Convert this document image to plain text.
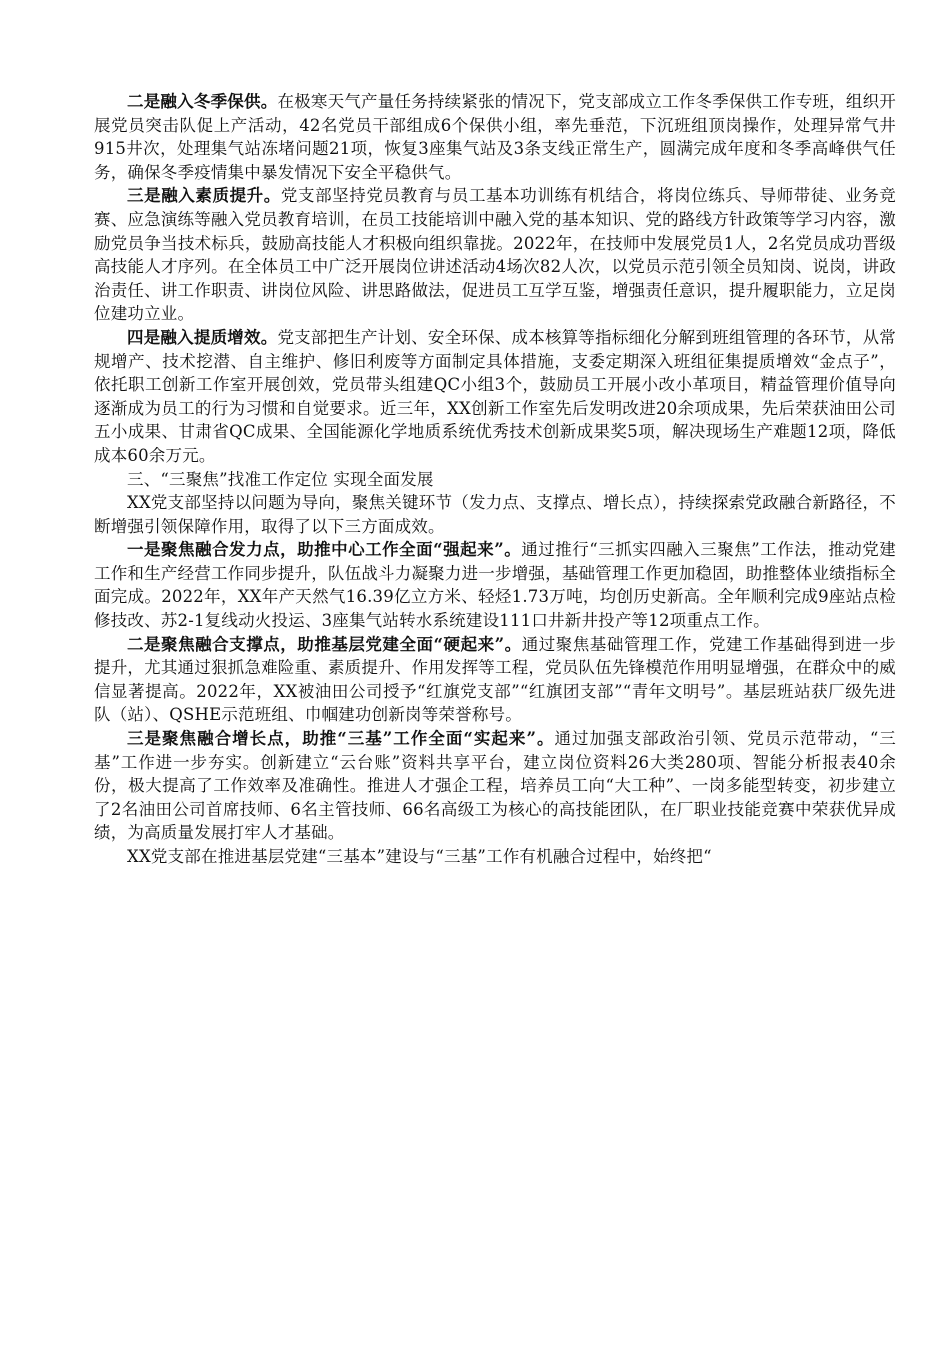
二是融入冬季保供。在极寒天气产量任务持续紧张的情况下，党支部成立工作冬季保供工作专班，组织开展党员突击队促上产活动，42名党员干部组成6个保供小组，率先垂范，下沉班组顶岗操作，处理异常气井915井次，处理集气站冻堵问题21项，恢复3座集气站及3条支线正常生产，圆满完成年度和冬季高峰供气任务，确保冬季疫情集中暴发情况下安全平稳供气。

三是融入素质提升。党支部坚持党员教育与员工基本功训练有机结合，将岗位练兵、导师带徒、业务竞赛、应急演练等融入党员教育培训，在员工技能培训中融入党的基本知识、党的路线方针政策等学习内容，激励党员争当技术标兵，鼓励高技能人才积极向组织靠拢。2022年，在技师中发展党员1人，2名党员成功晋级高技能人才序列。在全体员工中广泛开展岗位讲述活动4场次82人次，以党员示范引领全员知岗、说岗，讲政治责任、讲工作职责、讲岗位风险、讲思路做法，促进员工互学互鉴，增强责任意识，提升履职能力，立足岗位建功立业。

四是融入提质增效。党支部把生产计划、安全环保、成本核算等指标细化分解到班组管理的各环节，从常规增产、技术挖潜、自主维护、修旧利废等方面制定具体措施，支委定期深入班组征集提质增效“金点子”，依托职工创新工作室开展创效，党员带头组建QC小组3个，鼓励员工开展小改小革项目，精益管理价值导向逐渐成为员工的行为习惯和自觉要求。近三年，XX创新工作室先后发明改进20余项成果，先后荣获油田公司五小成果、甘肃省QC成果、全国能源化学地质系统优秀技术创新成果奖5项，解决现场生产难题12项，降低成本60余万元。

三、“三聚焦”找准工作定位 实现全面发展

XX党支部坚持以问题为导向，聚焦关键环节（发力点、支撑点、增长点），持续探索党政融合新路径，不断增强引领保障作用，取得了以下三方面成效。

一是聚焦融合发力点，助推中心工作全面“强起来”。通过推行“三抓实四融入三聚焦”工作法，推动党建工作和生产经营工作同步提升，队伍战斗力凝聚力进一步增强，基础管理工作更加稳固，助推整体业绩指标全面完成。2022年，XX年产天然气16.39亿立方米、轻烃1.73万吨，均创历史新高。全年顺利完成9座站点检修技改、苏2-1复线动火投运、3座集气站转水系统建设111口井新井投产等12项重点工作。

二是聚焦融合支撑点，助推基层党建全面“硬起来”。通过聚焦基础管理工作，党建工作基础得到进一步提升，尤其通过狠抓急难险重、素质提升、作用发挥等工程，党员队伍先锋模范作用明显增强，在群众中的威信显著提高。2022年，XX被油田公司授予“红旗党支部”“红旗团支部”“青年文明号”。基层班站获厂级先进队（站）、QSHE示范班组、巾帼建功创新岗等荣誉称号。

三是聚焦融合增长点，助推“三基”工作全面“实起来”。通过加强支部政治引领、党员示范带动，“三基”工作进一步夯实。创新建立“云台账”资料共享平台，建立岗位资料26大类280项、智能分析报表40余份，极大提高了工作效率及准确性。推进人才强企工程，培养员工向“大工种”、一岗多能型转变，初步建立了2名油田公司首席技师、6名主管技师、66名高级工为核心的高技能团队，在厂职业技能竞赛中荣获优异成绩，为高质量发展打牢人才基础。

XX党支部在推进基层党建“三基本”建设与“三基”工作有机融合过程中，始终把“
